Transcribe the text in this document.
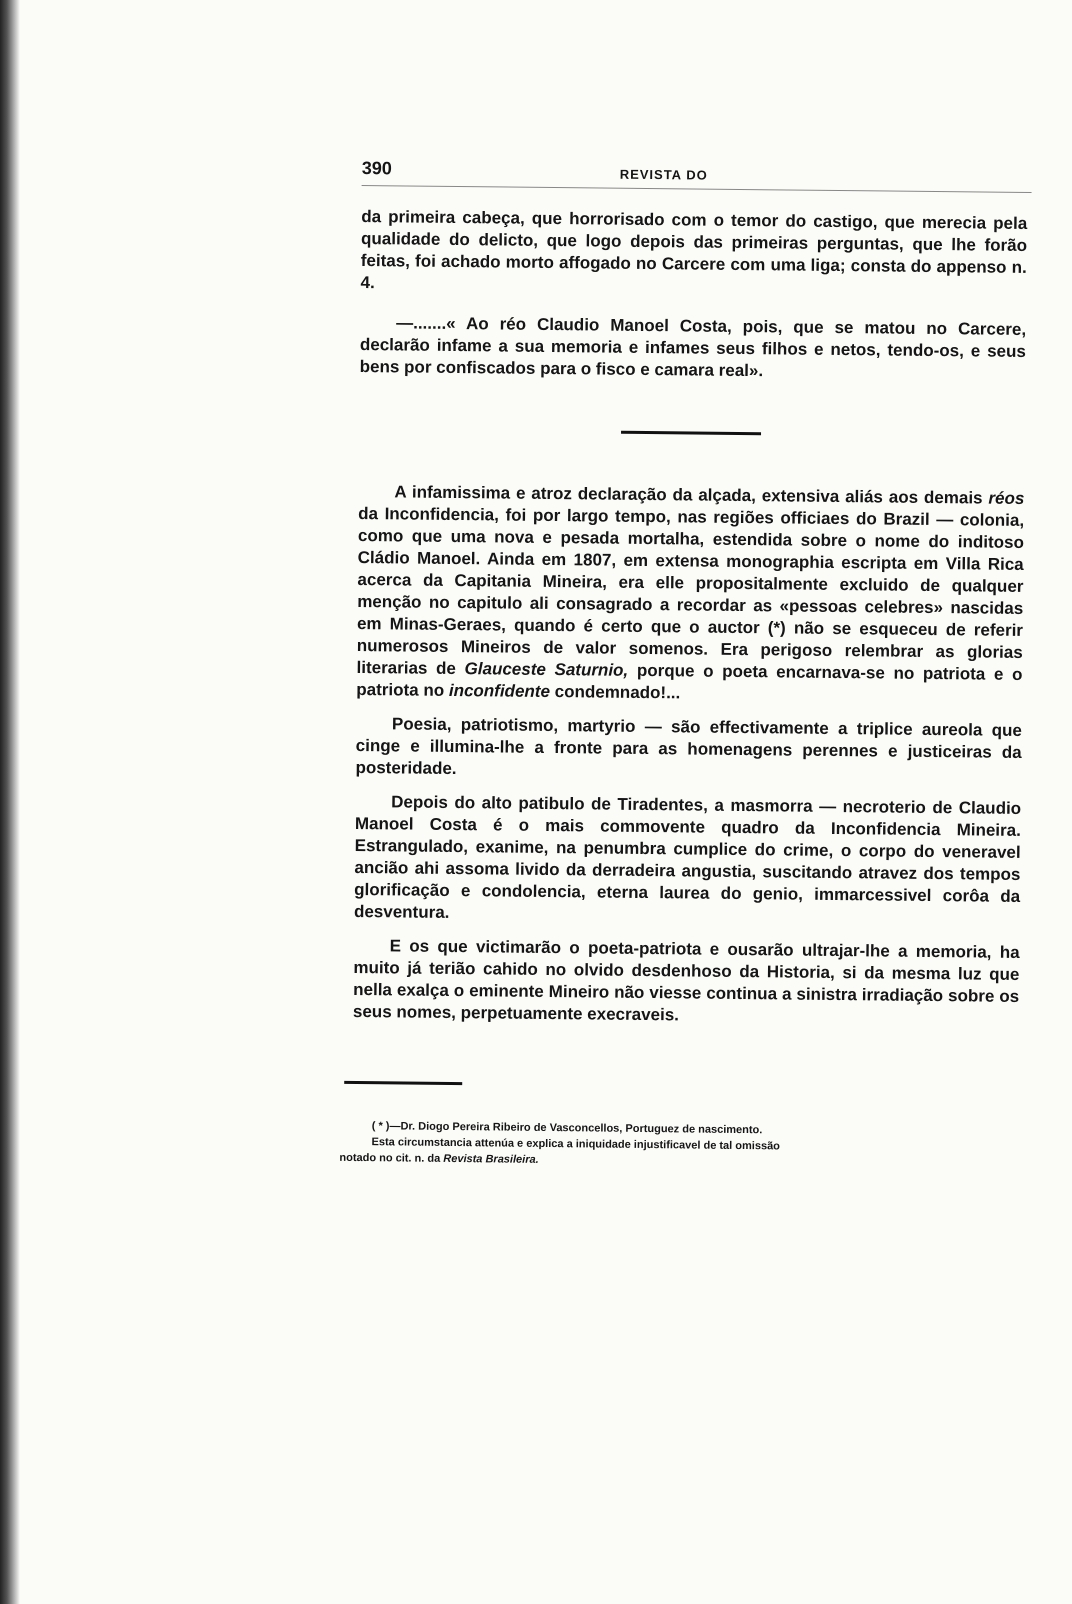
390	REVISTA DO

da primeira cabeça, que horrorisado com o temor do castigo, que merecia pela qualidade do delicto, que logo depois das primeiras perguntas, que lhe forão feitas, foi achado morto affogado no Carcere com uma liga; consta do appenso n. 4.

—.......« Ao réo Claudio Manoel Costa, pois, que se matou no Carcere, declarão infame a sua memoria e infames seus filhos e netos, tendo-os, e seus bens por confiscados para o fisco e camara real».

A infamissima e atroz declaração da alçada, extensiva aliás aos demais réos da Inconfidencia, foi por largo tempo, nas regiões officiaes do Brazil — colonia, como que uma nova e pesada mortalha, estendida sobre o nome do inditoso Cládio Manoel. Ainda em 1807, em extensa monographia escripta em Villa Rica acerca da Capitania Mineira, era elle propositalmente excluido de qualquer menção no capitulo ali consagrado a recordar as «pessoas celebres» nascidas em Minas-Geraes, quando é certo que o auctor (*) não se esqueceu de referir numerosos Mineiros de valor somenos. Era perigoso relembrar as glorias literarias de Glauceste Saturnio, porque o poeta encarnava-se no patriota e o patriota no inconfidente condemnado!...

Poesia, patriotismo, martyrio — são effectivamente a triplice aureola que cinge e illumina-lhe a fronte para as homenagens perennes e justiceiras da posteridade.

Depois do alto patibulo de Tiradentes, a masmorra — necroterio de Claudio Manoel Costa é o mais commovente quadro da Inconfidencia Mineira. Estrangulado, exanime, na penumbra cumplice do crime, o corpo do veneravel ancião ahi assoma livido da derradeira angustia, suscitando atravez dos tempos glorificação e condolencia, eterna laurea do genio, immarcessivel corôa da desventura.

E os que victimarão o poeta-patriota e ousarão ultrajar-lhe a memoria, ha muito já terião cahido no olvido desdenhoso da Historia, si da mesma luz que nella exalça o eminente Mineiro não viesse continua a sinistra irradiação sobre os seus nomes, perpetuamente execraveis.

( * )—Dr. Diogo Pereira Ribeiro de Vasconcellos, Portuguez de nascimento.

Esta circumstancia attenúa e explica a iniquidade injustificavel de tal omissão

notado no cit. n. da Revista Brasileira.
